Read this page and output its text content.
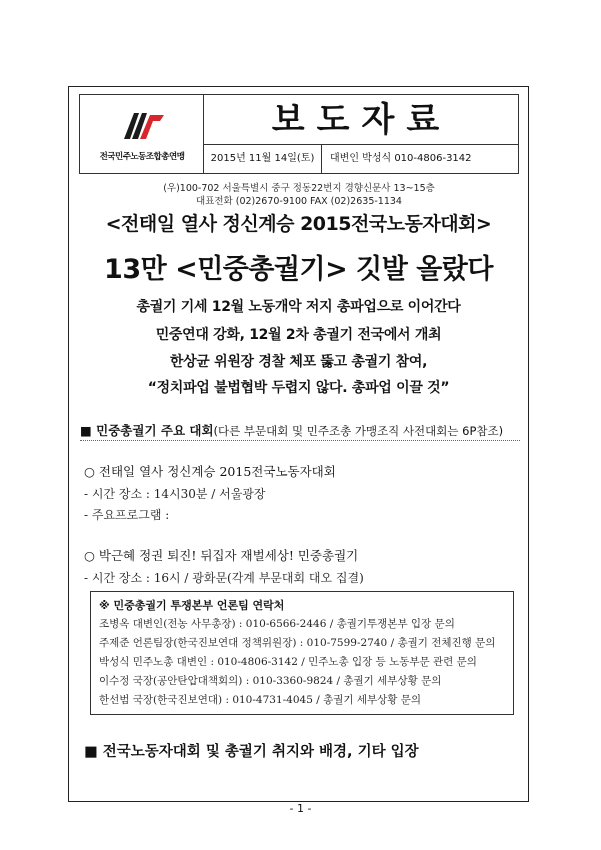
전국민주노동조합총연맹
보도자료
2015년 11월 14일(토)	대변인 박성식 010-4806-3142
(우)100-702 서울특별시 중구 정동22번지 경향신문사 13~15층
대표전화 (02)2670-9100 FAX (02)2635-1134
<전태일 열사 정신계승 2015전국노동자대회>
13만 <민중총궐기> 깃발 올랐다
총궐기 기세 12월 노동개악 저지 총파업으로 이어간다
민중연대 강화, 12월 2차 총궐기 전국에서 개최
한상균 위원장 경찰 체포 뚫고 총궐기 참여,
“정치파업 불법협박 두렵지 않다. 총파업 이끌 것”
■ 민중총궐기 주요 대회(다른 부문대회 및 민주조총 가맹조직 사전대회는 6P참조)
○ 전태일 열사 정신계승 2015전국노동자대회
- 시간 장소 : 14시30분 / 서울광장
- 주요프로그램 :
○ 박근혜 정권 퇴진! 뒤집자 재벌세상! 민중총궐기
- 시간 장소 : 16시 / 광화문(각계 부문대회 대오 집결)
※ 민중총궐기 투쟁본부 언론팀 연락처
조병옥 대변인(전농 사무총장) : 010-6566-2446 / 총궐기투쟁본부 입장 문의
주제준 언론팀장(한국진보연대 정책위원장) : 010-7599-2740 / 총궐기 전체진행 문의
박성식 민주노총 대변인 : 010-4806-3142 / 민주노총 입장 등 노동부문 관련 문의
이수정 국장(공안탄압대책회의) : 010-3360-9824 / 총궐기 세부상황 문의
한선범 국장(한국진보연대) : 010-4731-4045 / 총궐기 세부상황 문의
■ 전국노동자대회 및 총궐기 취지와 배경, 기타 입장
- 1 -
